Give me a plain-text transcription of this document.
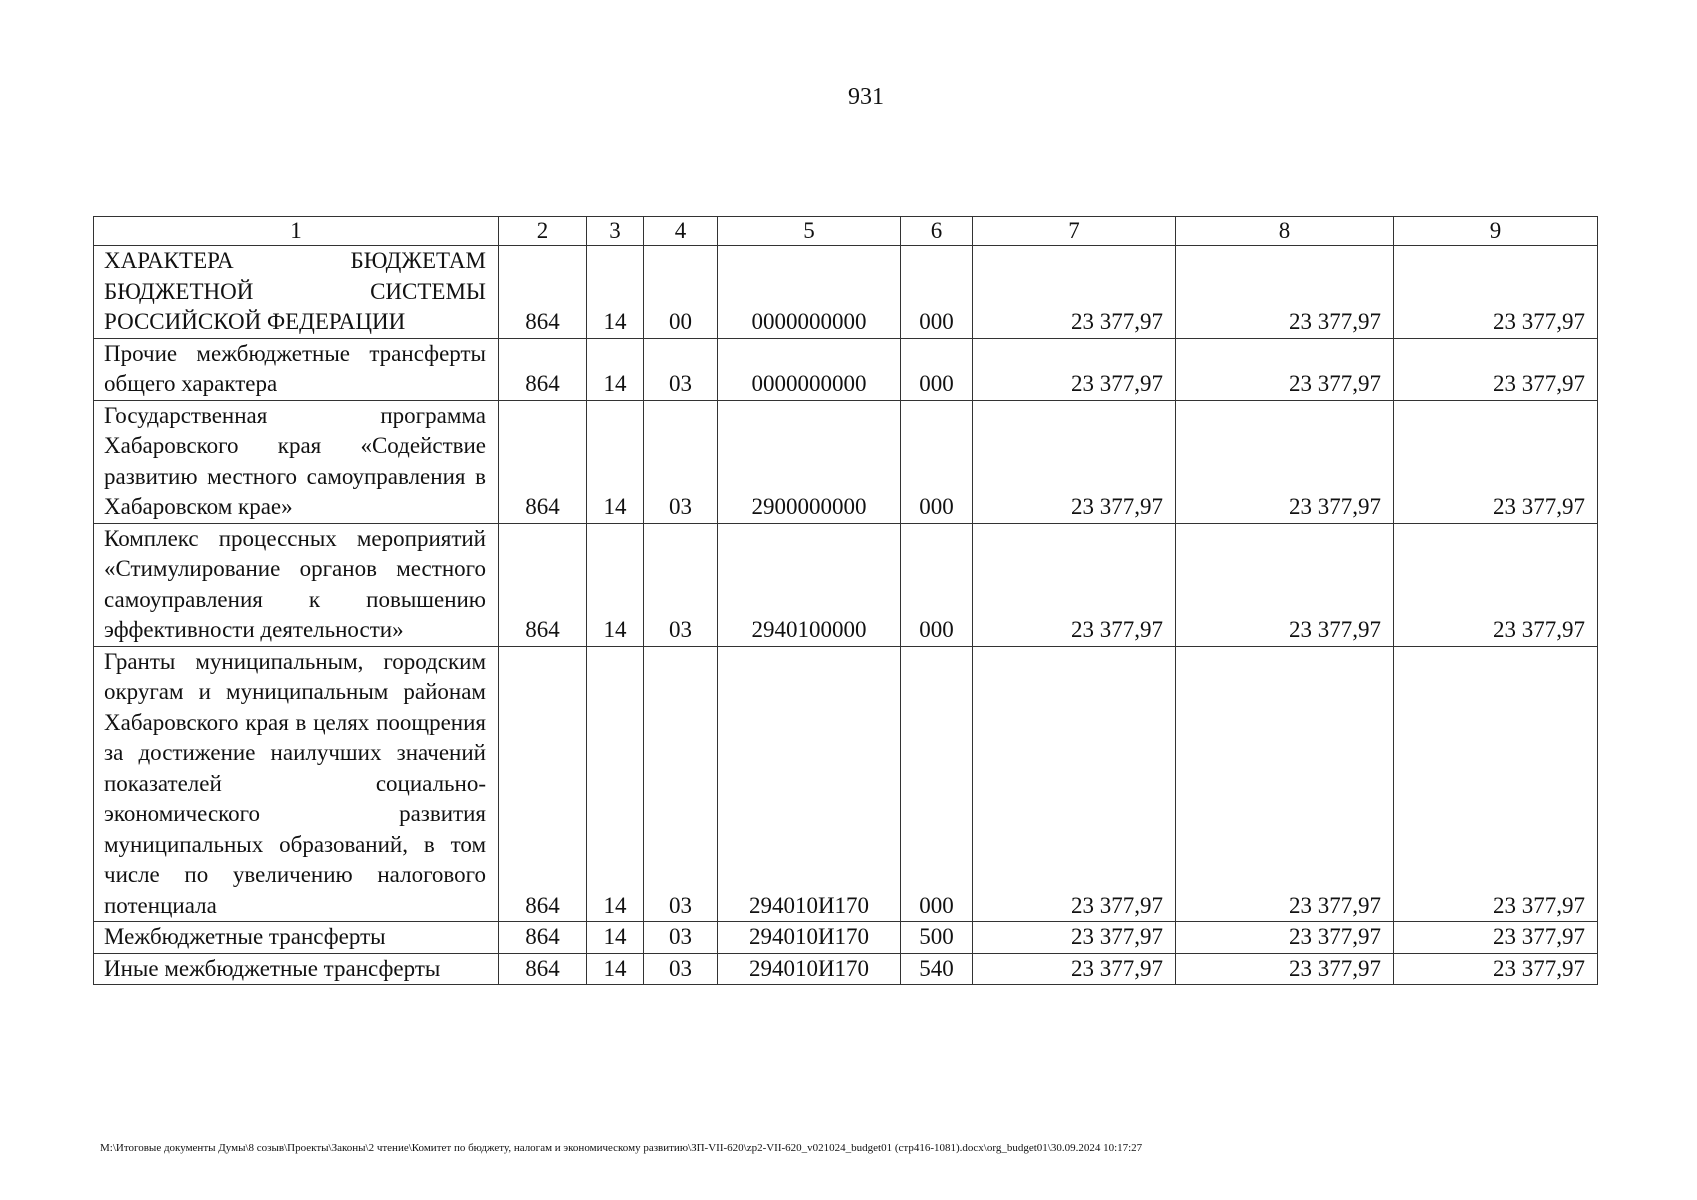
931
1	2	3	4	5	6	7	8	9
ХАРАКТЕРА БЮДЖЕТАМ БЮДЖЕТНОЙ СИСТЕМЫ РОССИЙСКОЙ ФЕДЕРАЦИИ	864	14	00	0000000000	000	23 377,97	23 377,97	23 377,97
Прочие межбюджетные трансферты общего характера	864	14	03	0000000000	000	23 377,97	23 377,97	23 377,97
Государственная программа Хабаровского края «Содействие развитию местного самоуправления в Хабаровском крае»	864	14	03	2900000000	000	23 377,97	23 377,97	23 377,97
Комплекс процессных мероприятий «Стимулирование органов местного самоуправления к повышению эффективности деятельности»	864	14	03	2940100000	000	23 377,97	23 377,97	23 377,97
Гранты муниципальным, городским округам и муниципальным районам Хабаровского края в целях поощрения за достижение наилучших значений показателей социально-экономического развития муниципальных образований, в том числе по увеличению налогового потенциала	864	14	03	294010И170	000	23 377,97	23 377,97	23 377,97
Межбюджетные трансферты	864	14	03	294010И170	500	23 377,97	23 377,97	23 377,97
Иные межбюджетные трансферты	864	14	03	294010И170	540	23 377,97	23 377,97	23 377,97
M:\Итоговые документы Думы\8 созыв\Проекты\Законы\2 чтение\Комитет по бюджету, налогам и экономическому развитию\ЗП-VII-620\zp2-VII-620_v021024_budget01 (стр416-1081).docx\org_budget01\30.09.2024 10:17:27
